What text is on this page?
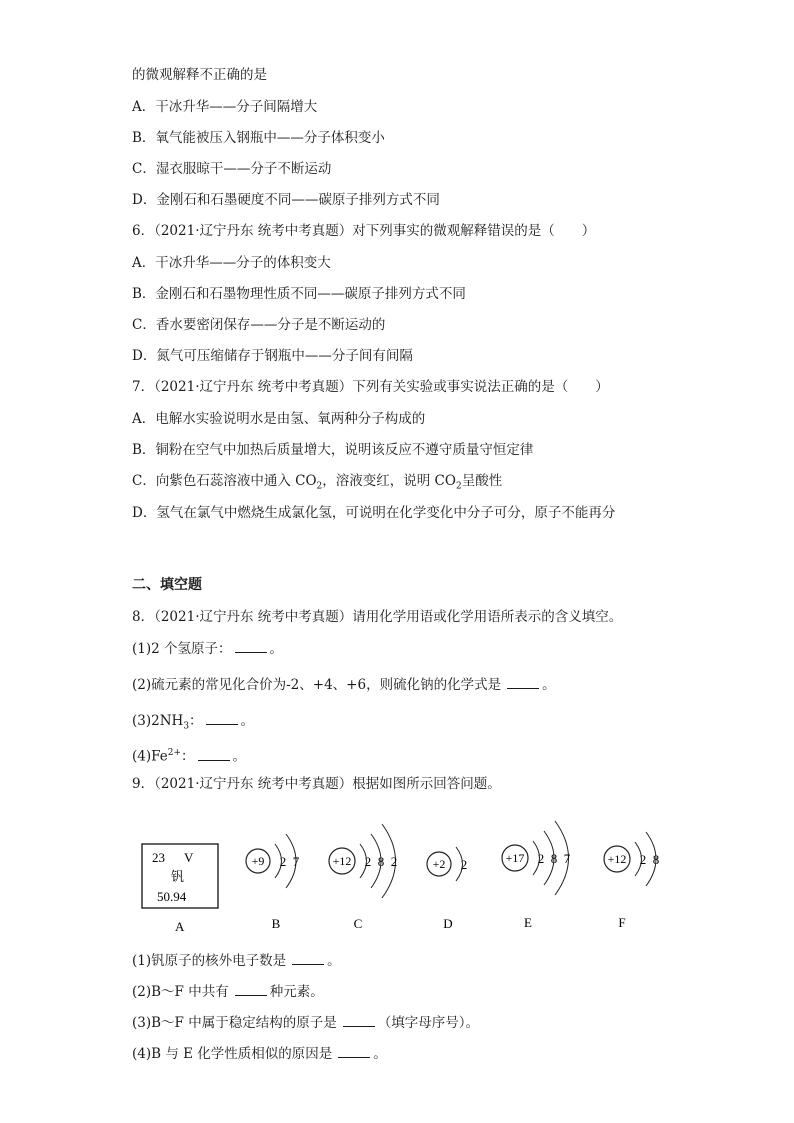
的微观解释不正确的是
A．干冰升华——分子间隔增大
B．氧气能被压入钢瓶中——分子体积变小
C．湿衣服晾干——分子不断运动
D．金刚石和石墨硬度不同——碳原子排列方式不同
6．（2021·辽宁丹东 统考中考真题）对下列事实的微观解释错误的是（　　）
A．干冰升华——分子的体积变大
B．金刚石和石墨物理性质不同——碳原子排列方式不同
C．香水要密闭保存——分子是不断运动的
D．氮气可压缩储存于钢瓶中——分子间有间隔
7．（2021·辽宁丹东 统考中考真题）下列有关实验或事实说法正确的是（　　）
A．电解水实验说明水是由氢、氧两种分子构成的
B．铜粉在空气中加热后质量增大，说明该反应不遵守质量守恒定律
C．向紫色石蕊溶液中通入 $CO_2$，溶液变红，说明 $CO_2$呈酸性
D．氢气在氯气中燃烧生成氯化氢，可说明在化学变化中分子可分，原子不能再分
二、填空题
8．（2021·辽宁丹东 统考中考真题）请用化学用语或化学用语所表示的含义填空。
(1)2 个氢原子：	。
(2)硫元素的常见化合价为-2、+4、+6，则硫化钠的化学式是	。
$(3)2NH_3$：	。
$(4)Fe^{2+}$：	。
9．（2021·辽宁丹东 统考中考真题）根据如图所示回答问题。
23 V
钒
50.94
A
+9 2 7
B
+12 2 8 2
C
+2 2
D
+17 2 8 7
E
+12 2 8
F
(1)钒原子的核外电子数是	。
(2)B～F 中共有	种元素。
(3)B～F 中属于稳定结构的原子是	（填字母序号）。
(4)B 与 E 化学性质相似的原因是	。
